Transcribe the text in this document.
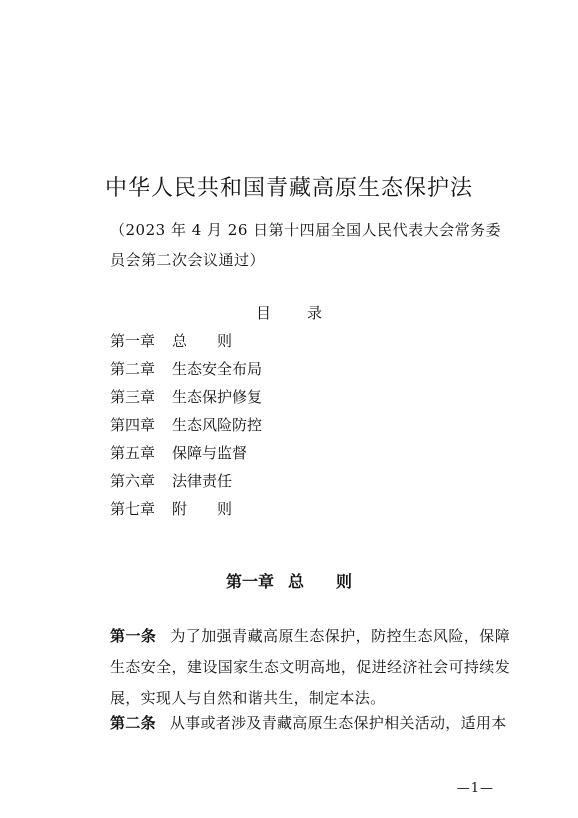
中华人民共和国青藏高原生态保护法
（2023 年 4 月 26 日第十四届全国人民代表大会常务委员会第二次会议通过）
目 录
第一章 总　　则
第二章 生态安全布局
第三章 生态保护修复
第四章 生态风险防控
第五章 保障与监督
第六章 法律责任
第七章 附　　则
第一章 总　　则

第一条 为了加强青藏高原生态保护，防控生态风险，保障生态安全，建设国家生态文明高地，促进经济社会可持续发展，实现人与自然和谐共生，制定本法。

第二条 从事或者涉及青藏高原生态保护相关活动，适用本

—1—
